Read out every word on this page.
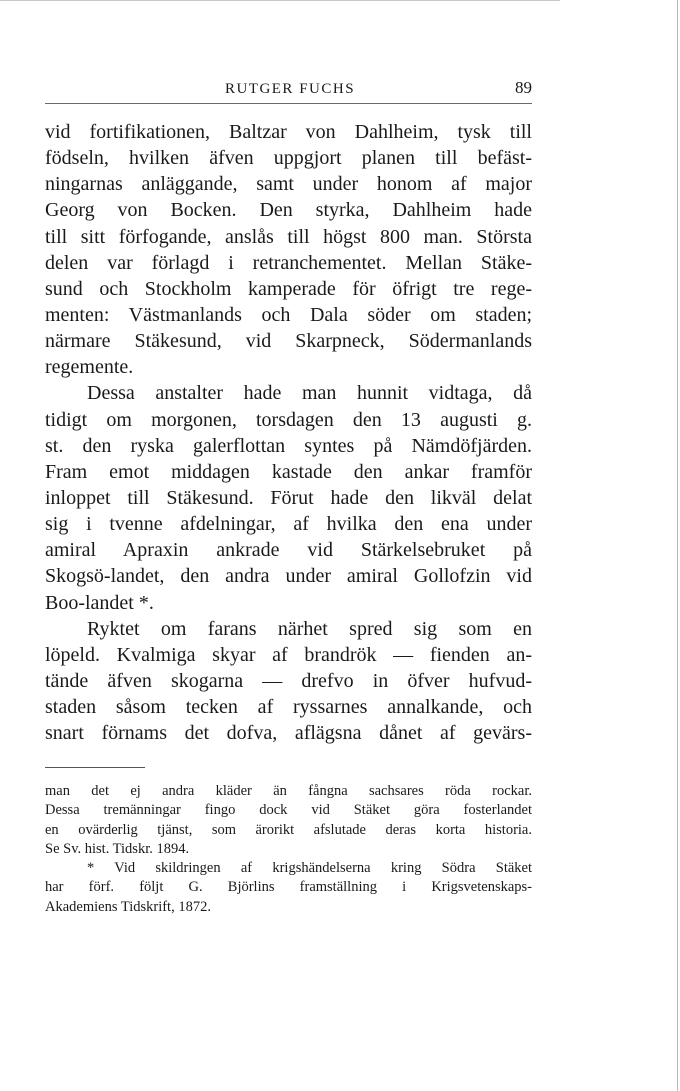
RUTGER FUCHS	89
vid fortifikationen, Baltzar von Dahlheim, tysk till
födseln, hvilken äfven uppgjort planen till befäst-
ningarnas anläggande, samt under honom af major
Georg von Bocken. Den styrka, Dahlheim hade
till sitt förfogande, anslås till högst 800 man. Största
delen var förlagd i retranchementet. Mellan Stäke-
sund och Stockholm kamperade för öfrigt tre rege-
menten: Västmanlands och Dala söder om staden;
närmare Stäkesund, vid Skarpneck, Södermanlands
regemente.
Dessa anstalter hade man hunnit vidtaga, då
tidigt om morgonen, torsdagen den 13 augusti g.
st. den ryska galerflottan syntes på Nämdöfjärden.
Fram emot middagen kastade den ankar framför
inloppet till Stäkesund. Förut hade den likväl delat
sig i tvenne afdelningar, af hvilka den ena under
amiral Apraxin ankrade vid Stärkelsebruket på
Skogsö-landet, den andra under amiral Gollofzin vid
Boo-landet *.
Ryktet om farans närhet spred sig som en
löpeld. Kvalmiga skyar af brandrök — fienden an-
tände äfven skogarna — drefvo in öfver hufvud-
staden såsom tecken af ryssarnes annalkande, och
snart förnams det dofva, aflägsna dånet af gevärs-
man det ej andra kläder än fångna sachsares röda rockar.
Dessa tremänningar fingo dock vid Stäket göra fosterlandet
en ovärderlig tjänst, som ärorikt afslutade deras korta historia.
Se Sv. hist. Tidskr. 1894.
* Vid skildringen af krigshändelserna kring Södra Stäket
har förf. följt G. Björlins framställning i Krigsvetenskaps-
Akademiens Tidskrift, 1872.
